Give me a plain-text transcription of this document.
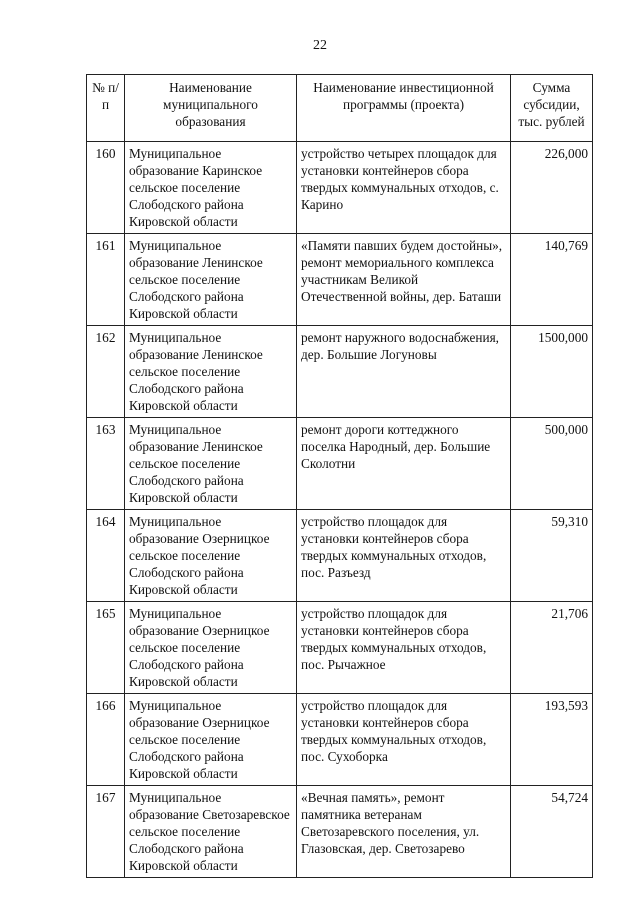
22
№ п/п	Наименование муниципального образования	Наименование инвестиционной программы (проекта)	Сумма субсидии, тыс. рублей
160	Муниципальное образование Каринское сельское поселение Слободского района Кировской области	устройство четырех площадок для установки контейнеров сбора твердых коммунальных отходов, с. Карино	226,000
161	Муниципальное образование Ленинское сельское поселение Слободского района Кировской области	«Памяти павших будем достойны», ремонт мемориального комплекса участникам Великой Отечественной войны, дер. Баташи	140,769
162	Муниципальное образование Ленинское сельское поселение Слободского района Кировской области	ремонт наружного водоснабжения, дер. Большие Логуновы	1500,000
163	Муниципальное образование Ленинское сельское поселение Слободского района Кировской области	ремонт дороги коттеджного поселка Народный, дер. Большие Сколотни	500,000
164	Муниципальное образование Озерницкое сельское поселение Слободского района Кировской области	устройство площадок для установки контейнеров сбора твердых коммунальных отходов, пос. Разъезд	59,310
165	Муниципальное образование Озерницкое сельское поселение Слободского района Кировской области	устройство площадок для установки контейнеров сбора твердых коммунальных отходов, пос. Рычажное	21,706
166	Муниципальное образование Озерницкое сельское поселение Слободского района Кировской области	устройство площадок для установки контейнеров сбора твердых коммунальных отходов, пос. Сухоборка	193,593
167	Муниципальное образование Светозаревское сельское поселение Слободского района Кировской области	«Вечная память», ремонт памятника ветеранам Светозаревского поселения, ул. Глазовская, дер. Светозарево	54,724
